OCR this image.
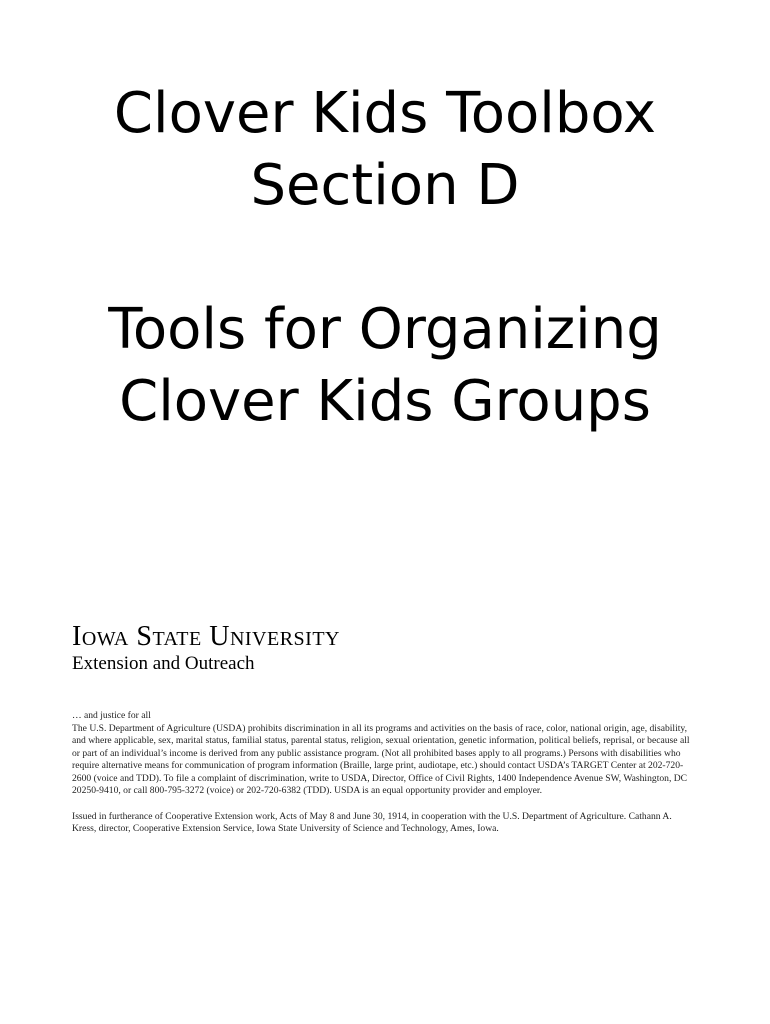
Clover Kids Toolbox
Section D
Tools for Organizing
Clover Kids Groups
Iowa State University
Extension and Outreach

… and justice for all

The U.S. Department of Agriculture (USDA) prohibits discrimination in all its programs and activities on the basis of race, color, national origin, age, disability, and where applicable, sex, marital status, familial status, parental status, religion, sexual orientation, genetic information, political beliefs, reprisal, or because all or part of an individual’s income is derived from any public assistance program. (Not all prohibited bases apply to all programs.) Persons with disabilities who require alternative means for communication of program information (Braille, large print, audiotape, etc.) should contact USDA’s TARGET Center at 202-720-2600 (voice and TDD). To file a complaint of discrimination, write to USDA, Director, Office of Civil Rights, 1400 Independence Avenue SW, Washington, DC 20250-9410, or call 800-795-3272 (voice) or 202-720-6382 (TDD). USDA is an equal opportunity provider and employer.

Issued in furtherance of Cooperative Extension work, Acts of May 8 and June 30, 1914, in cooperation with the U.S. Department of Agriculture. Cathann A. Kress, director, Cooperative Extension Service, Iowa State University of Science and Technology, Ames, Iowa.
